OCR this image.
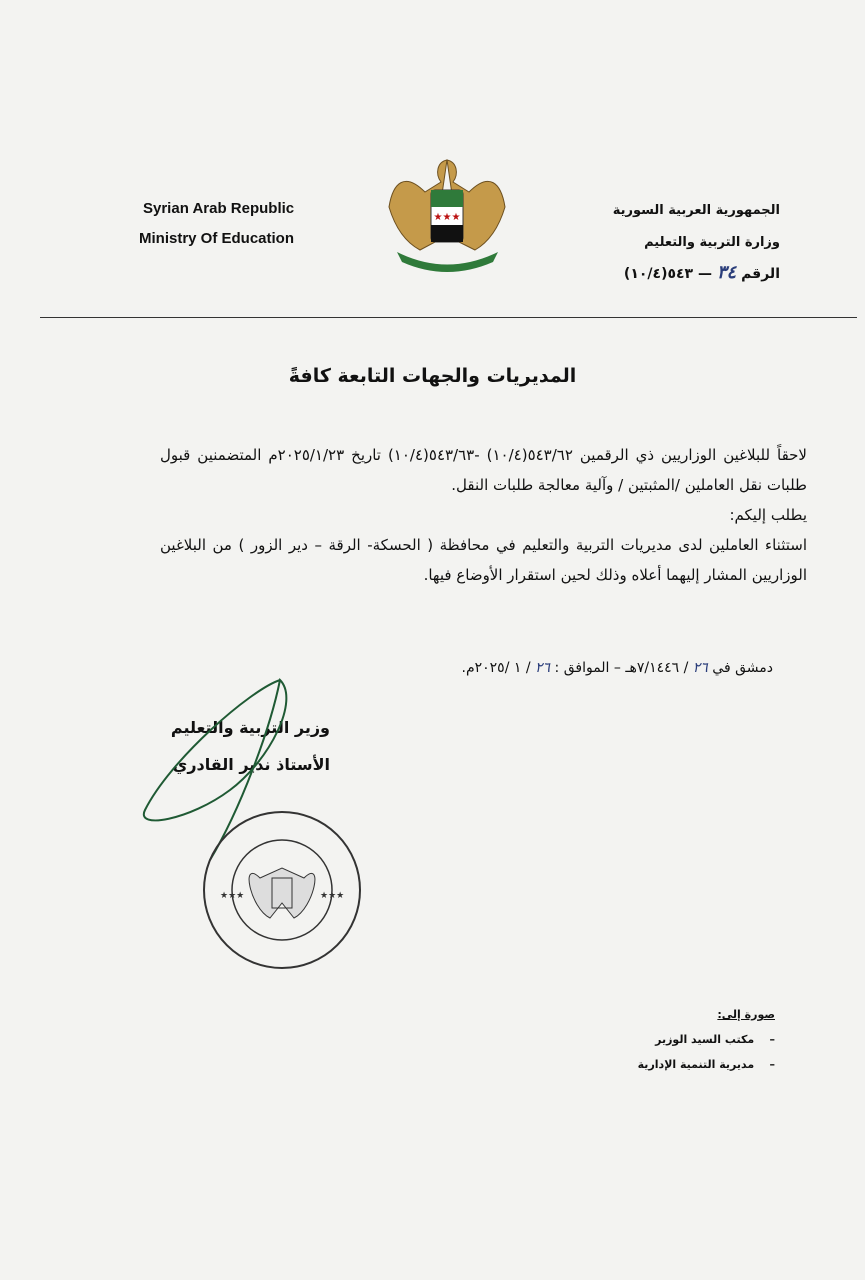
Syrian Arab Republic
Ministry Of Education
★★★	الجمهورية العربية السورية
وزارة التربية والتعليم
الرقم ٣٤ — ٥٤٣(١٠/٤)
المديريات والجهات التابعة كافةً

لاحقاً للبلاغين الوزاريين ذي الرقمين ٥٤٣/٦٢(١٠/٤) -٥٤٣/٦٣(١٠/٤) تاريخ ٢٠٢٥/١/٢٣م المتضمنين قبول طلبات نقل العاملين /المثبتين / وآلية معالجة طلبات النقل.

يطلب إليكم:

استثناء العاملين لدى مديريات التربية والتعليم في محافظة ( الحسكة- الرقة – دير الزور ) من البلاغين الوزاريين المشار إليهما أعلاه وذلك لحين استقرار الأوضاع فيها.

دمشق في ٢٦ / ٧/١٤٤٦هـ – الموافق : ٢٦ / ١ /٢٠٢٥م.
وزير التربية والتعليم
الأستاذ نذير القادري
★★★	★★★
صورة إلى:
–    مكتب السيد الوزير
–    مديرية التنمية الإدارية
